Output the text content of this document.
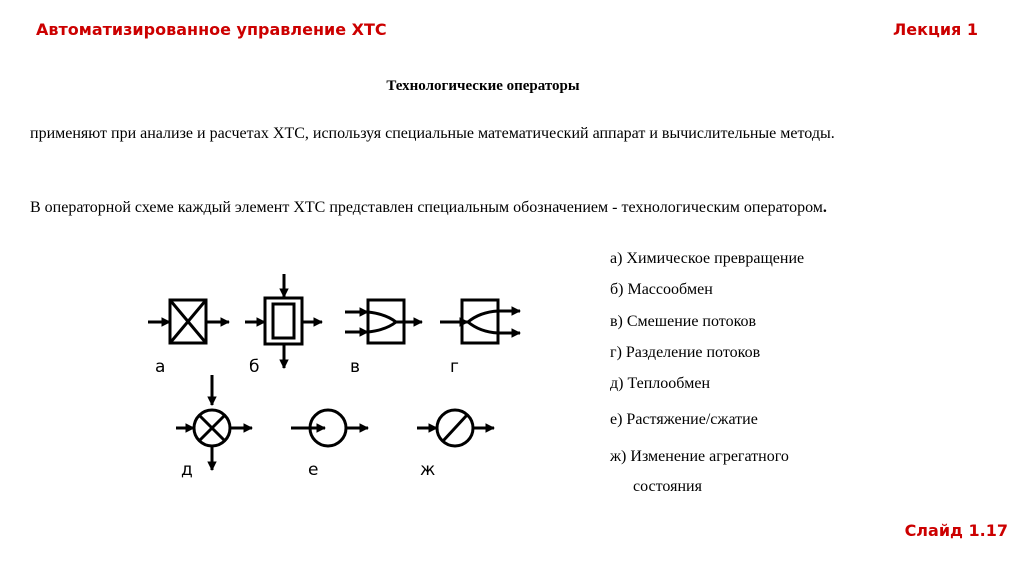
Автоматизированное управление ХТС	Лекция 1
Технологические операторы
применяют при анализе и расчетах ХТС, используя специальные математический аппарат и вычислительные методы.
В операторной схеме каждый элемент ХТС представлен специальным обозначением - технологическим оператором.
а	б	в	г
д	е	ж
а) Химическое превращение
б) Массообмен
в) Смешение потоков
г) Разделение потоков
д) Теплообмен
е) Растяжение/сжатие
ж) Изменение агрегатного
состояния
Слайд 1.17
